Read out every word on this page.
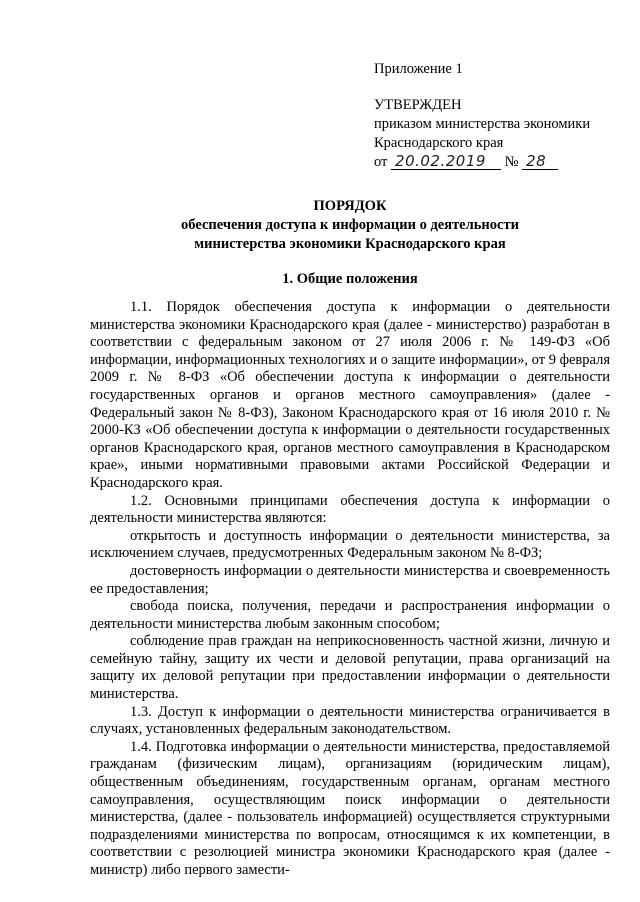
Приложение 1
УТВЕРЖДЕН
приказом министерства экономики
Краснодарского края
от 20.02.2019 № 28
ПОРЯДОК
обеспечения доступа к информации о деятельности
министерства экономики Краснодарского края
1. Общие положения

1.1. Порядок обеспечения доступа к информации о деятельности министерства экономики Краснодарского края (далее - министерство) разработан в соответствии с федеральным законом от 27 июля 2006 г. № 149-ФЗ «Об информации, информационных технологиях и о защите информации», от 9 февраля 2009 г. № 8-ФЗ «Об обеспечении доступа к информации о деятельности государственных органов и органов местного самоуправления» (далее - Федеральный закон № 8-ФЗ), Законом Краснодарского края от 16 июля 2010 г. № 2000-КЗ «Об обеспечении доступа к информации о деятельности государственных органов Краснодарского края, органов местного самоуправления в Краснодарском крае», иными нормативными правовыми актами Российской Федерации и Краснодарского края.

1.2. Основными принципами обеспечения доступа к информации о деятельности министерства являются:

открытость и доступность информации о деятельности министерства, за исключением случаев, предусмотренных Федеральным законом № 8-ФЗ;

достоверность информации о деятельности министерства и своевременность ее предоставления;

свобода поиска, получения, передачи и распространения информации о деятельности министерства любым законным способом;

соблюдение прав граждан на неприкосновенность частной жизни, личную и семейную тайну, защиту их чести и деловой репутации, права организаций на защиту их деловой репутации при предоставлении информации о деятельности министерства.

1.3. Доступ к информации о деятельности министерства ограничивается в случаях, установленных федеральным законодательством.

1.4. Подготовка информации о деятельности министерства, предоставляемой гражданам (физическим лицам), организациям (юридическим лицам), общественным объединениям, государственным органам, органам местного самоуправления, осуществляющим поиск информации о деятельности министерства, (далее - пользователь информацией) осуществляется структурными подразделениями министерства по вопросам, относящимся к их компетенции, в соответствии с резолюцией министра экономики Краснодарского края (далее - министр) либо первого замести-
